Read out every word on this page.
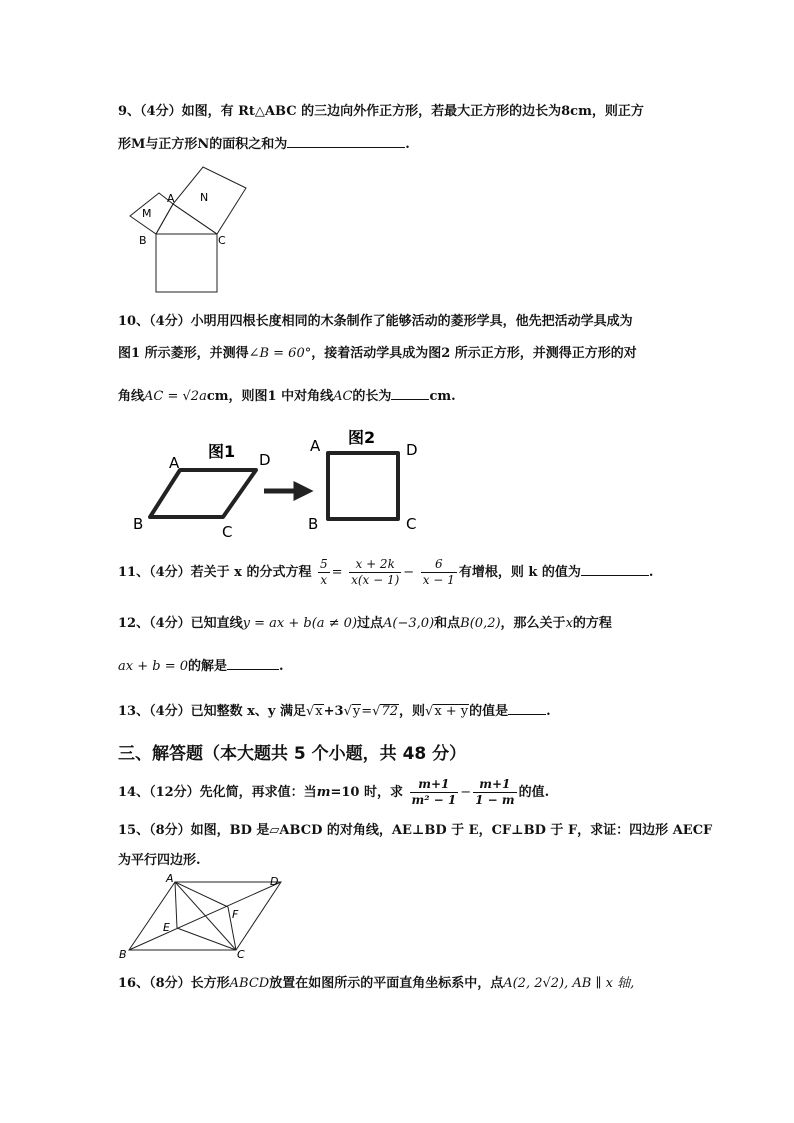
9、（4分）如图，有 Rt△ABC 的三边向外作正方形，若最大正方形的边长为8cm，则正方
形M与正方形N的面积之和为	.
M
A N
B	C
10、（4分）小明用四根长度相同的木条制作了能够活动的菱形学具，他先把活动学具成为
图1 所示菱形，并测得∠B = 60°，接着活动学具成为图2 所示正方形，并测得正方形的对
角线AC = √2acm，则图1 中对角线AC的长为	cm.
图1
图2
A	D
B	C
A	D
B	C
11、（4分）若关于 x 的分式方程 $\frac{5}{x} = \frac{x + 2k}{x(x - 1)} - \frac{6}{x - 1}$ 有增根，则 k 的值为	.
12、（4分）已知直线y = ax + b(a ≠ 0)过点A(−3,0)和点B(0,2)，那么关于x的方程
ax + b = 0的解是	.
13、（4分）已知整数 x、y 满足√x+3√y=√72，则√x + y的值是	.
三、解答题（本大题共 5 个小题，共 48 分）
14、（12分）先化简，再求值：当m=10 时，求 $\frac{m+1}{\text{m² − 1}} - \frac{m+1}{1 - m}$ 的值.
15、（8分）如图，BD 是▱ABCD 的对角线，AE⊥BD 于 E，CF⊥BD 于 F，求证：四边形 AECF
为平行四边形.
A	D
B	C
E
F
16、（8分）长方形ABCD放置在如图所示的平面直角坐标系中，点A(2, 2√2), AB ∥ x 轴,
